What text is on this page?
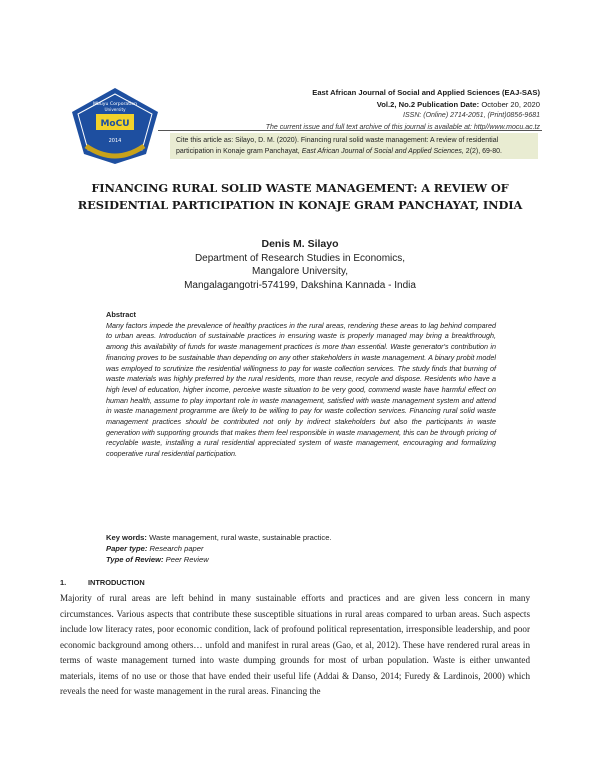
Mbuyu Corporation
University
MoCU
2014
East African Journal of Social and Applied Sciences (EAJ-SAS)
Vol.2, No.2 Publication Date: October 20, 2020
ISSN: (Online) 2714-2051, (Print)0856-9681
The current issue and full text archive of this journal is available at: http//www.mocu.ac.tz
Cite this article as: Silayo, D. M. (2020). Financing rural solid waste management: A review of residential participation in Konaje gram Panchayat, East African Journal of Social and Applied Sciences, 2(2), 69-80.
FINANCING RURAL SOLID WASTE MANAGEMENT: A REVIEW OF
RESIDENTIAL PARTICIPATION IN KONAJE GRAM PANCHAYAT, INDIA
Denis M. Silayo
Department of Research Studies in Economics,
Mangalore University,
Mangalagangotri-574199, Dakshina Kannada - India
Abstract
Many factors impede the prevalence of healthy practices in the rural areas, rendering these areas to lag behind compared to urban areas. Introduction of sustainable practices in ensuring waste is properly managed may bring a breakthrough, among this availability of funds for waste management practices is more than essential. Waste generator's contribution in financing proves to be sustainable than depending on any other stakeholders in waste management. A binary probit model was employed to scrutinize the residential willingness to pay for waste collection services. The study finds that burning of waste materials was highly preferred by the rural residents, more than reuse, recycle and dispose. Residents who have a high level of education, higher income, perceive waste situation to be very good, commend waste have harmful effect on human health, assume to play important role in waste management, satisfied with waste management system and attend in waste management programme are likely to be willing to pay for waste collection services. Financing rural solid waste management practices should be contributed not only by indirect stakeholders but also the participants in waste generation with supporting grounds that makes them feel responsible in waste management, this can be through pricing of recyclable waste, installing a rural residential appreciated system of waste management, encouraging and formalizing cooperative rural residential participation.
Key words: Waste management, rural waste, sustainable practice.
Paper type: Research paper
Type of Review: Peer Review
1.	INTRODUCTION
Majority of rural areas are left behind in many sustainable efforts and practices and are given less concern in many circumstances. Various aspects that contribute these susceptible situations in rural areas compared to urban areas. Such aspects include low literacy rates, poor economic condition, lack of profound political representation, irresponsible leadership, and poor economic background among others… unfold and manifest in rural areas (Gao, et al, 2012). These have rendered rural areas in terms of waste management turned into waste dumping grounds for most of urban population. Waste is either unwanted materials, items of no use or those that have ended their useful life (Addai & Danso, 2014; Furedy & Lardinois, 2000) which reveals the need for waste management in the rural areas. Financing the
